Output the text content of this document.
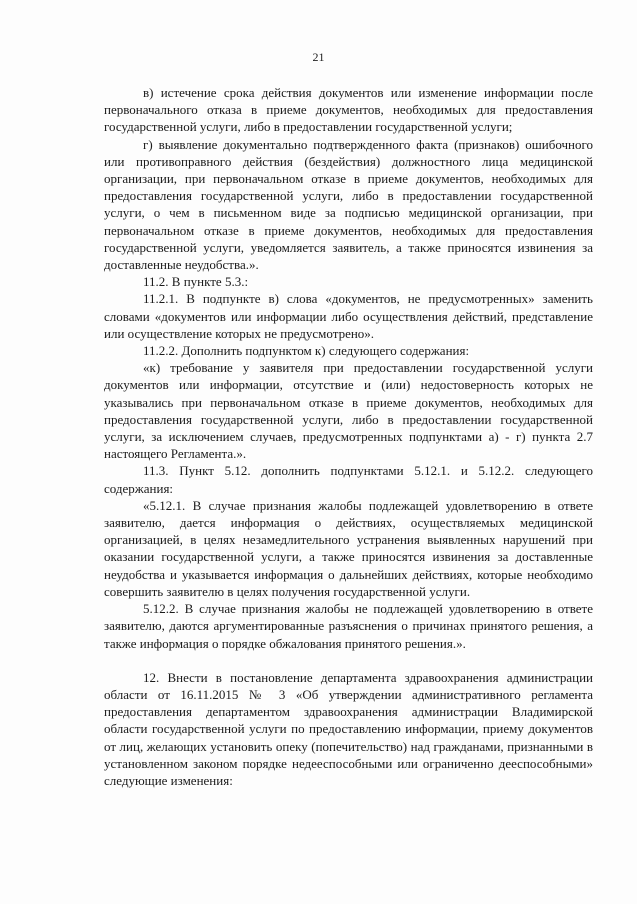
21

в) истечение срока действия документов или изменение информации после первоначального отказа в приеме документов, необходимых для предоставления государственной услуги, либо в предоставлении государственной услуги;

г) выявление документально подтвержденного факта (признаков) ошибочного или противоправного действия (бездействия) должностного лица медицинской организации, при первоначальном отказе в приеме документов, необходимых для предоставления государственной услуги, либо в предоставлении государственной услуги, о чем в письменном виде за подписью медицинской организации, при первоначальном отказе в приеме документов, необходимых для предоставления государственной услуги, уведомляется заявитель, а также приносятся извинения за доставленные неудобства.».

11.2. В пункте 5.3.:

11.2.1. В подпункте в) слова «документов, не предусмотренных» заменить словами «документов или информации либо осуществления действий, представление или осуществление которых не предусмотрено».

11.2.2. Дополнить подпунктом к) следующего содержания:

«к) требование у заявителя при предоставлении государственной услуги документов или информации, отсутствие и (или) недостоверность которых не указывались при первоначальном отказе в приеме документов, необходимых для предоставления государственной услуги, либо в предоставлении государственной услуги, за исключением случаев, предусмотренных подпунктами а) - г) пункта 2.7 настоящего Регламента.».

11.3. Пункт 5.12. дополнить подпунктами 5.12.1. и 5.12.2. следующего содержания:

«5.12.1. В случае признания жалобы подлежащей удовлетворению в ответе заявителю, дается информация о действиях, осуществляемых медицинской организацией, в целях незамедлительного устранения выявленных нарушений при оказании государственной услуги, а также приносятся извинения за доставленные неудобства и указывается информация о дальнейших действиях, которые необходимо совершить заявителю в целях получения государственной услуги.

5.12.2. В случае признания жалобы не подлежащей удовлетворению в ответе заявителю, даются аргументированные разъяснения о причинах принятого решения, а также информация о порядке обжалования принятого решения.».

12. Внести в постановление департамента здравоохранения администрации области от 16.11.2015 № 3 «Об утверждении административного регламента предоставления департаментом здравоохранения администрации Владимирской области государственной услуги по предоставлению информации, приему документов от лиц, желающих установить опеку (попечительство) над гражданами, признанными в установленном законом порядке недееспособными или ограниченно дееспособными» следующие изменения:
